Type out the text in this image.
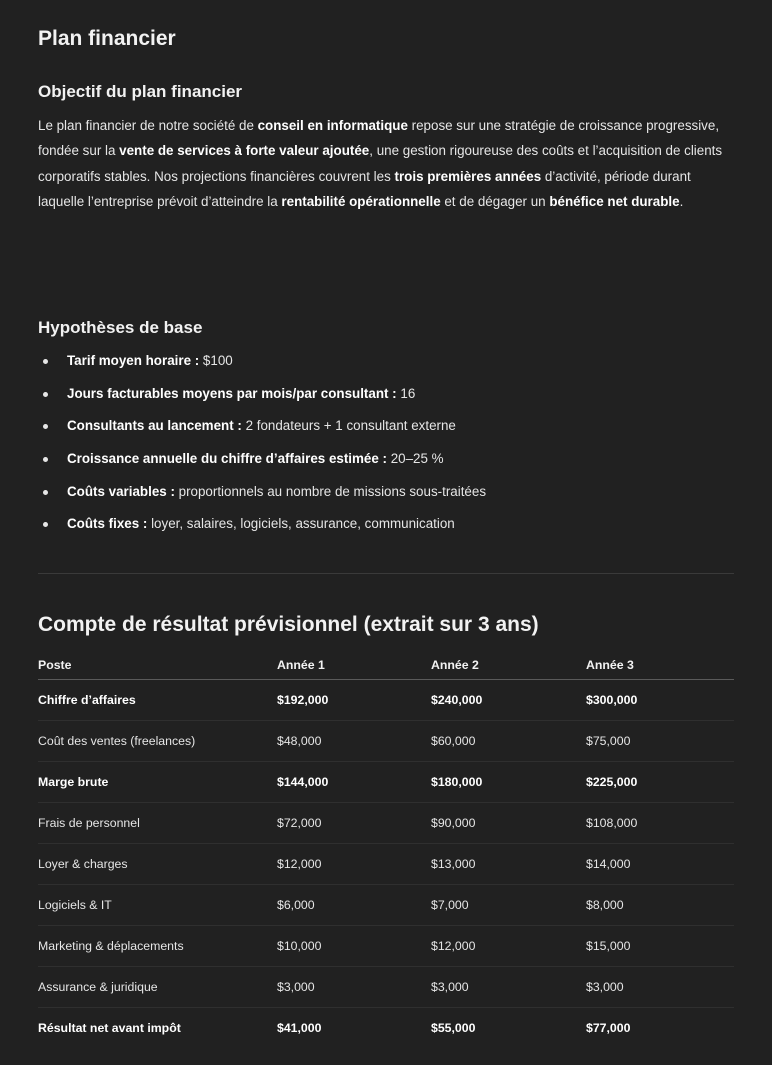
Plan financier
Objectif du plan financier

Le plan financier de notre société de conseil en informatique repose sur une stratégie de croissance progressive, fondée sur la vente de services à forte valeur ajoutée, une gestion rigoureuse des coûts et l’acquisition de clients corporatifs stables. Nos projections financières couvrent les trois premières années d’activité, période durant laquelle l’entreprise prévoit d’atteindre la rentabilité opérationnelle et de dégager un bénéfice net durable.

Hypothèses de base
Tarif moyen horaire : $100
Jours facturables moyens par mois/par consultant : 16
Consultants au lancement : 2 fondateurs + 1 consultant externe
Croissance annuelle du chiffre d’affaires estimée : 20–25 %
Coûts variables : proportionnels au nombre de missions sous-traitées
Coûts fixes : loyer, salaires, logiciels, assurance, communication
Compte de résultat prévisionnel (extrait sur 3 ans)
Poste	Année 1	Année 2	Année 3
Chiffre d’affaires	$192,000	$240,000	$300,000
Coût des ventes (freelances)	$48,000	$60,000	$75,000
Marge brute	$144,000	$180,000	$225,000
Frais de personnel	$72,000	$90,000	$108,000
Loyer & charges	$12,000	$13,000	$14,000
Logiciels & IT	$6,000	$7,000	$8,000
Marketing & déplacements	$10,000	$12,000	$15,000
Assurance & juridique	$3,000	$3,000	$3,000
Résultat net avant impôt	$41,000	$55,000	$77,000
